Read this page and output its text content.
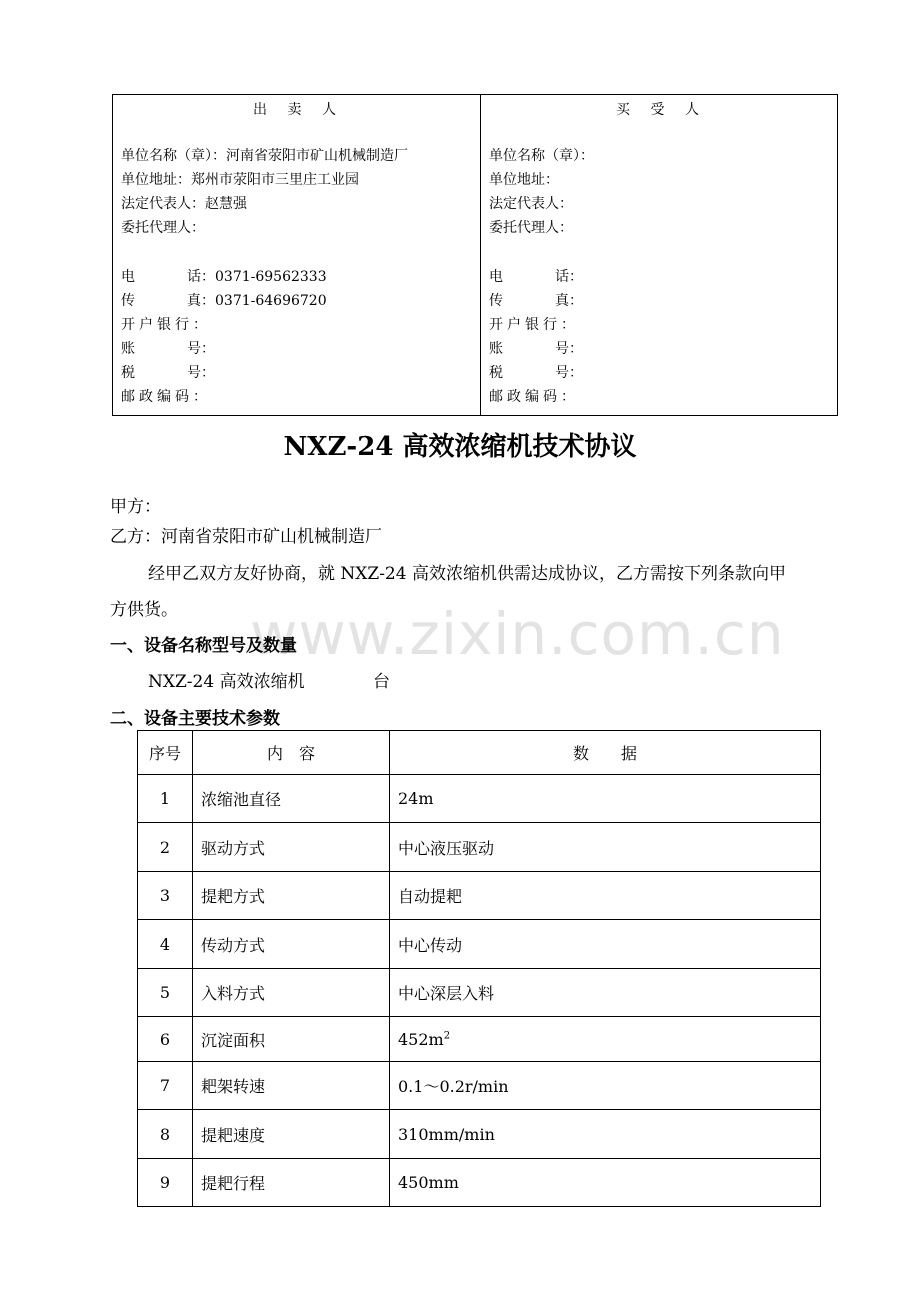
出 卖 人
单位名称（章）：河南省荥阳市矿山机械制造厂
单位地址：郑州市荥阳市三里庄工业园
法定代表人：赵慧强
委托代理人：
电	话： 0371-69562333
传	真： 0371-64696720
开户银行：
账	号：
税	号：
邮政编码：
买 受 人
单位名称（章）：
单位地址：
法定代表人：
委托代理人：
电	话：
传	真：
开户银行：
账	号：
税	号：
邮政编码：
www.zixin.com.cn
NXZ-24 高效浓缩机技术协议
甲方：
乙方：河南省荥阳市矿山机械制造厂
经甲乙双方友好协商，就 NXZ-24 高效浓缩机供需达成协议，乙方需按下列条款向甲
方供货。
一、设备名称型号及数量
NXZ-24 高效浓缩机	台
二、设备主要技术参数
序号	内　容	数　　据
1	浓缩池直径	24m
2	驱动方式	中心液压驱动
3	提耙方式	自动提耙
4	传动方式	中心传动
5	入料方式	中心深层入料
6	沉淀面积	$452m^2$
7	耙架转速	0.1～0.2r/min
8	提耙速度	310mm/min
9	提耙行程	450mm
